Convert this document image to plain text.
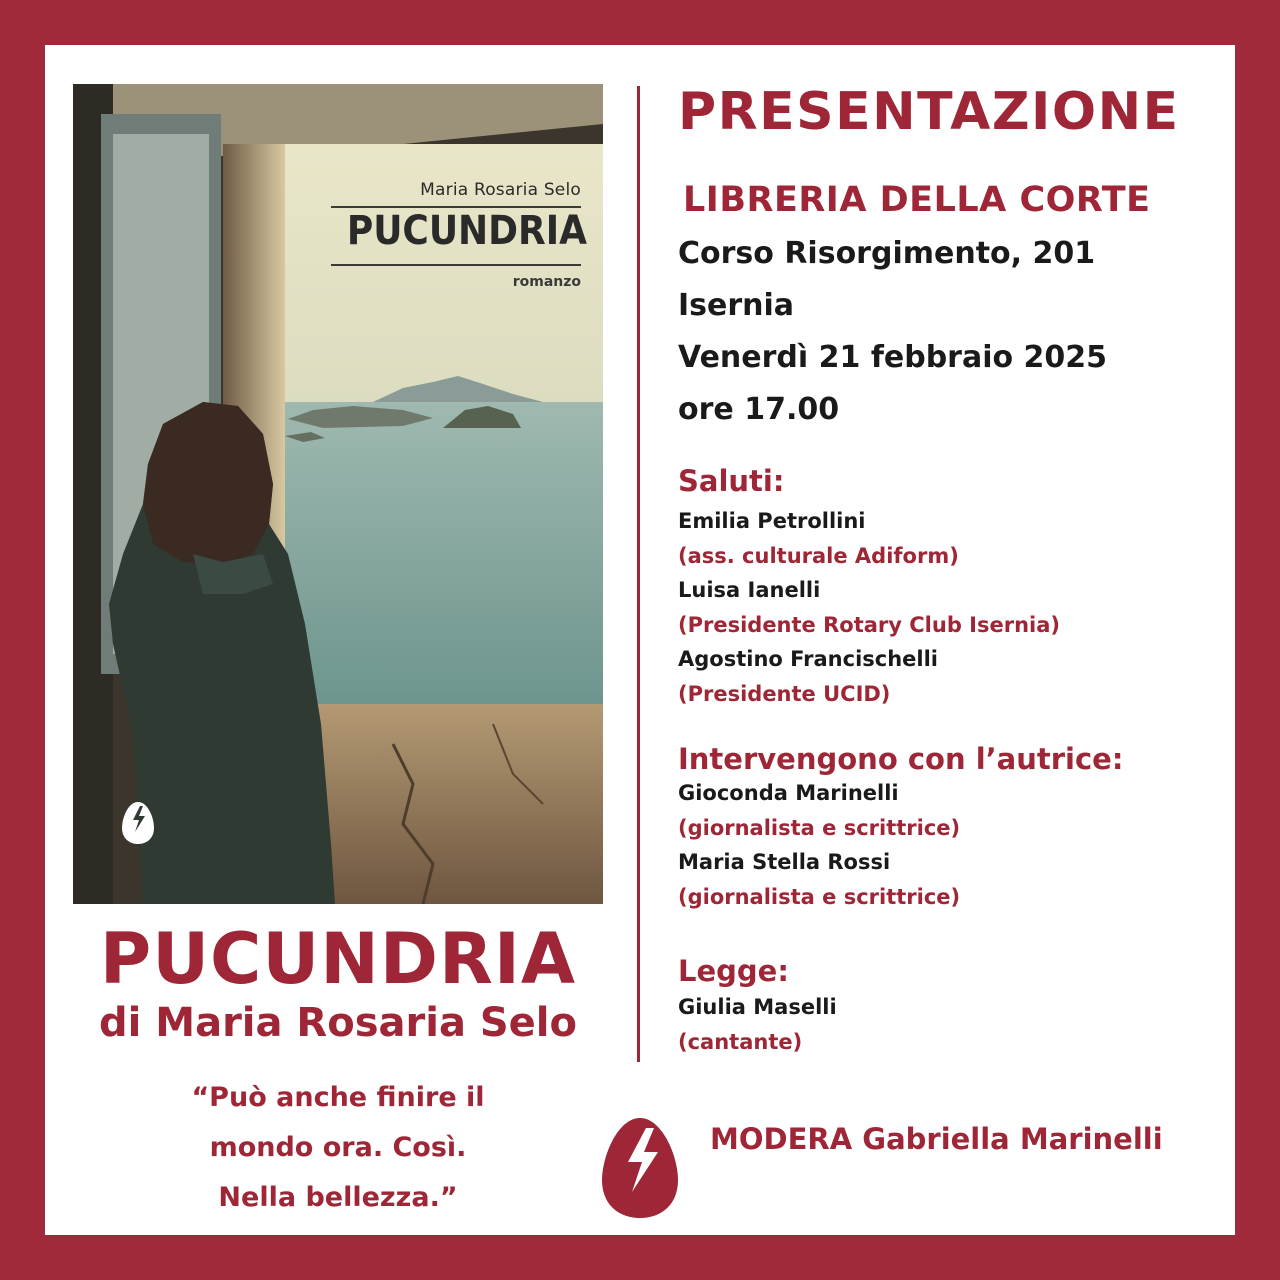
Maria Rosaria Selo
PUCUNDRIA
romanzo
PUCUNDRIA
di Maria Rosaria Selo
“Può anche finire il
mondo ora. Così.
Nella bellezza.”
PRESENTAZIONE
LIBRERIA DELLA CORTE
Corso Risorgimento, 201
Isernia
Venerdì 21 febbraio 2025
ore 17.00
Saluti:
Emilia Petrollini
(ass. culturale Adiform)
Luisa Ianelli
(Presidente Rotary Club Isernia)
Agostino Francischelli
(Presidente UCID)
Intervengono con l’autrice:
Gioconda Marinelli
(giornalista e scrittrice)
Maria Stella Rossi
(giornalista e scrittrice)
Legge:
Giulia Maselli
(cantante)
MODERA Gabriella Marinelli
